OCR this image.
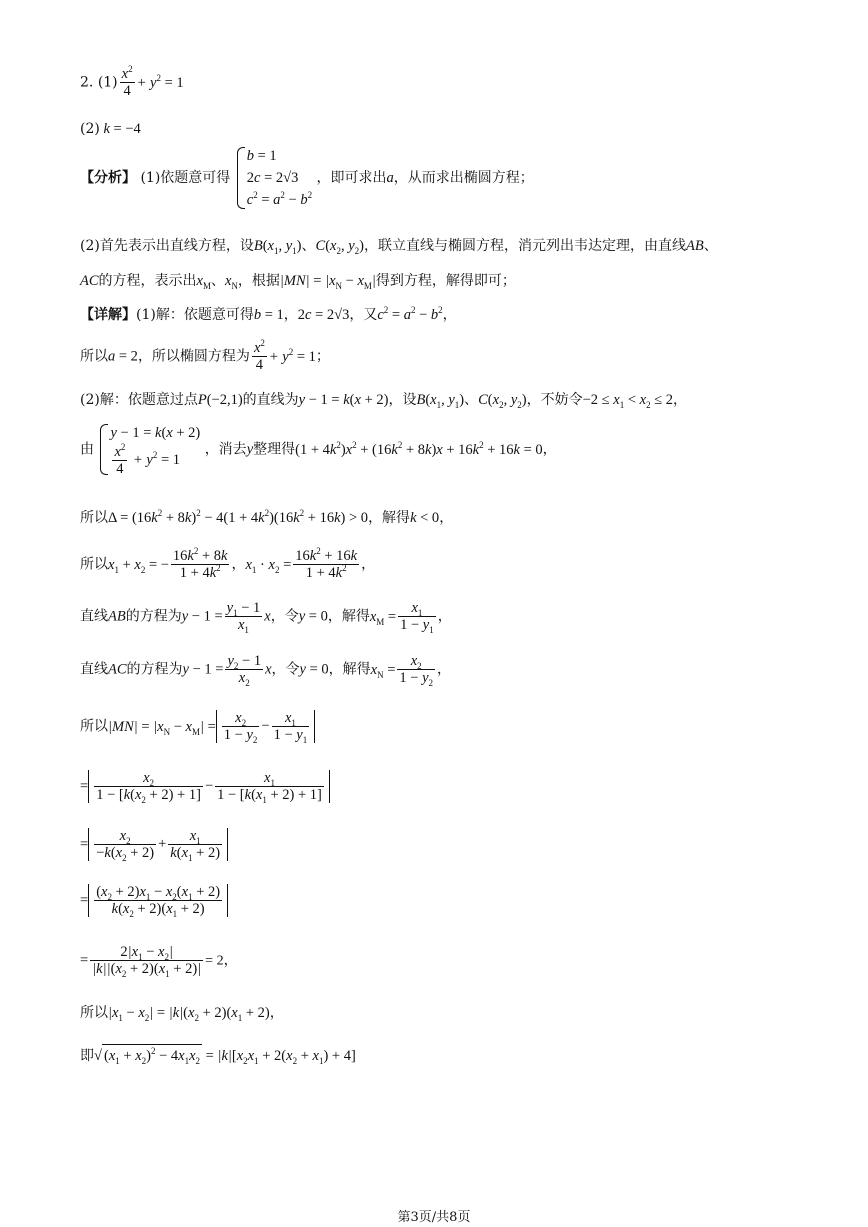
2. $(1) \frac{x^2}{4} + y^2 = 1$
(2) k = −4
【分析】 (1)依题意可得
b = 1
2c = 2√3
$c^2 = a^2 - b^2$
，即可求出a，从而求出椭圆方程；
(2)首先表示出直线方程，设$B(x_1$, $y_1$)、$C(x_2$, $y_2$)，联立直线与椭圆方程，消元列出韦达定理，由直线AB、
AC的方程，表示出$x_M$、$x_N$，根据$|MN| = |x_N - x_M|$得到方程，解得即可；
【详解】(1)解：依题意可得b = 1，2c = 2√3，又$c^2 = a^2 - b^2$，
所以a = 2，所以椭圆方程为 $\frac{x^2}{4} + y^2 = 1$；
(2)解：依题意过点P(−2,1)的直线为y − 1 = k(x + 2)，设$B(x_1$, $y_1$)、$C(x_2$, $y_2$)，不妨令$-2 \le x_1 < x_2 \le 2$，
由
y − 1 = k(x + 2)
$\frac{x^2}{4} + y^2 = 1$
，消去y整理得$(1 + 4k^2)x^2 + (16k^2 + 8k)x + 16k^2 + 16k = 0$，
所以$\Delta = (16k^2 + 8k)^2 - 4(1 + 4k^2)(16k^2 + 16k) > 0$，解得k < 0，
所以$x_1 + x_2$ = − $\frac{16k^2 + 8k}{1 + 4k^2}$ ，$x_1 \cdot x_2 = \frac{16k^2 + 16k}{1 + 4k^2}$ ，
直线AB的方程为$y - 1 = \frac{y_1 - 1}{x_1}$ x，令y = 0，解得$x_M = \frac{x_1}{1 - y_1}$ ，
直线AC的方程为$y - 1 = \frac{y_2 - 1}{x_2}$ x，令y = 0，解得$x_N = \frac{x_2}{1 - y_2}$ ，
所以$|MN| = |x_N - x_M| = \frac{x_2}{1 - y_2} - \frac{x_1}{1 - y_1}$
= $\frac{x_2}{1 - [k(x_2 + 2) + 1]} - \frac{x_1}{1 - [k(x_1 + 2) + 1]}$
= $\frac{x_2}{-k(x_2 + 2)} + \frac{x_1}{k(x_1 + 2)}$
= $\frac{(x_2 + 2)x_1 - x_2(x_1 + 2)}{k(x_2 + 2)(x_1 + 2)}$
= $\frac{2|x_1 - x_2|}{|k||(x_2 + 2)(x_1 + 2)|} = 2$，
所以$|x_1 - x_2| = |k|(x_2 + 2)(x_1 + 2)$，
即√ $(x_1 + x_2)^2 - 4x_1x_2 = |k|[x_2x_1 + 2(x_2 + x_1) + 4]$
第3页/共8页
